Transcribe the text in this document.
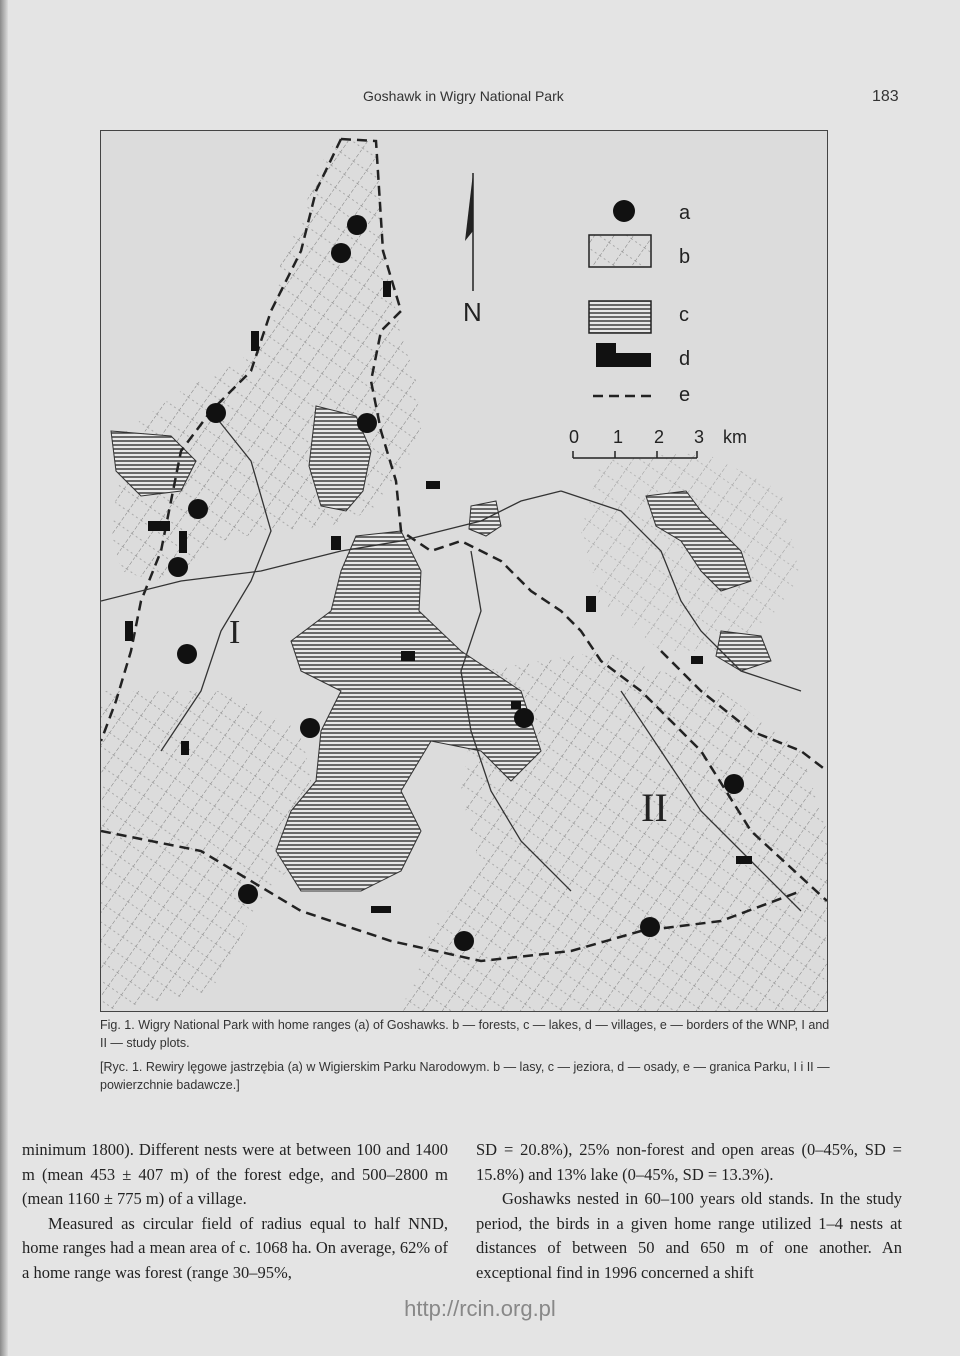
Goshawk in Wigry National Park	183
I
II
N
a
b
c
d
e
0 1 2 3 km
Fig. 1. Wigry National Park with home ranges (a) of Goshawks. b — forests, c — lakes, d — villages, e — borders of the WNP, I and II — study plots.
[Ryc. 1. Rewiry lęgowe jastrzębia (a) w Wigierskim Parku Narodowym. b — lasy, c — jeziora, d — osady, e — granica Parku, I i II — powierzchnie badawcze.]

minimum 1800). Different nests were at between 100 and 1400 m (mean 453 ± 407 m) of the forest edge, and 500–2800 m (mean 1160 ± 775 m) of a village.

Measured as circular field of radius equal to half NND, home ranges had a mean area of c. 1068 ha. On average, 62% of a home range was forest (range 30–95%,

SD = 20.8%), 25% non-forest and open areas (0–45%, SD = 15.8%) and 13% lake (0–45%, SD = 13.3%).

Goshawks nested in 60–100 years old stands. In the study period, the birds in a given home range utilized 1–4 nests at distances of between 50 and 650 m of one another. An exceptional find in 1996 concerned a shift

http://rcin.org.pl
